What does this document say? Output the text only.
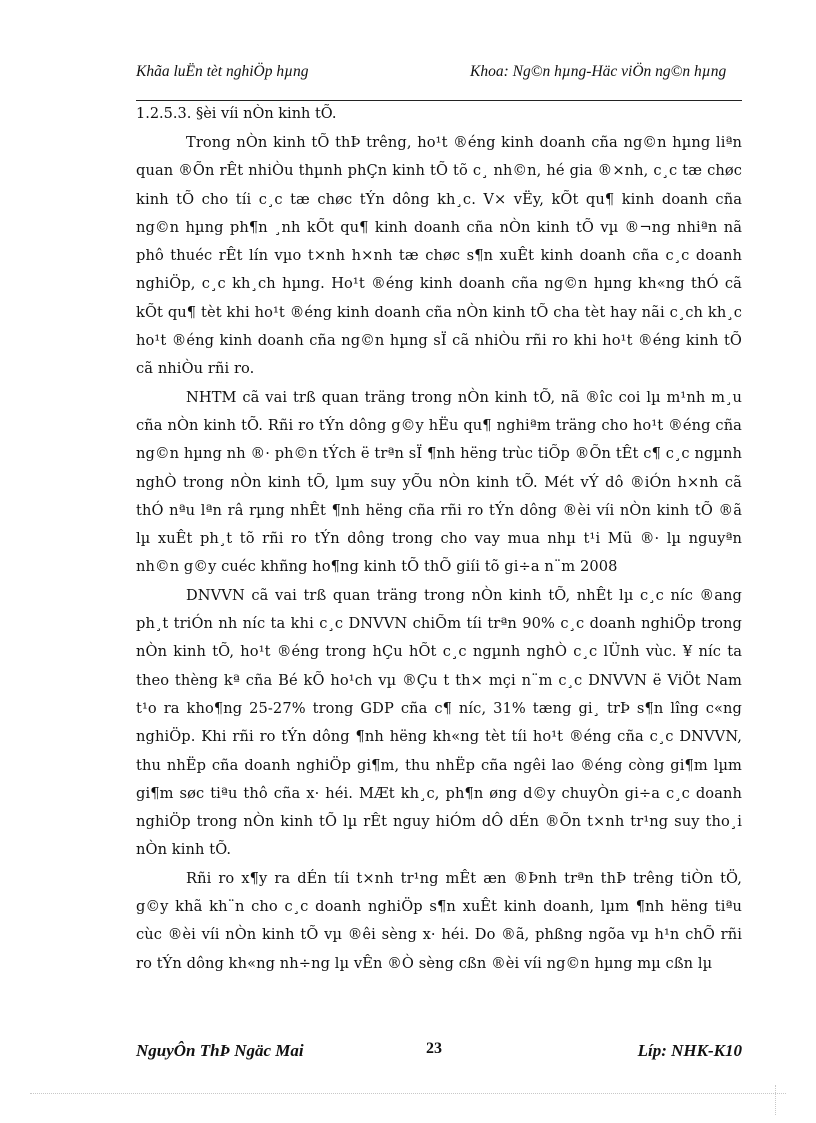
Khãa luËn tèt nghiÖp hµng	Khoa: Ng©n hµng-Häc viÖn ng©n hµng
1.2.5.3. §èi víi nÒn kinh tÕ.

Trong nÒn kinh tÕ thÞ trêng, ho¹t ®éng kinh doanh cña ng©n hµng liªn quan ®Õn rÊt nhiÒu thµnh phÇn kinh tÕ tõ c¸ nh©n, hé gia ®×nh, c¸c tæ chøc kinh tÕ cho tíi c¸c tæ chøc tÝn dông kh¸c. V× vËy, kÕt qu¶ kinh doanh cña ng©n hµng ph¶n ¸nh kÕt qu¶ kinh doanh cña nÒn kinh tÕ vµ ®¬ng nhiªn nã phô thuéc rÊt lín vµo t×nh h×nh tæ chøc s¶n xuÊt kinh doanh cña c¸c doanh nghiÖp, c¸c kh¸ch hµng. Ho¹t ®éng kinh doanh cña ng©n hµng kh«ng thÓ cã kÕt qu¶ tèt khi ho¹t ®éng kinh doanh cña nÒn kinh tÕ cha tèt hay nãi c¸ch kh¸c ho¹t ®éng kinh doanh cña ng©n hµng sÏ cã nhiÒu rñi ro khi ho¹t ®éng kinh tÕ cã nhiÒu rñi ro.

NHTM cã vai trß quan träng trong nÒn kinh tÕ, nã ®îc coi lµ m¹nh m¸u cña nÒn kinh tÕ. Rñi ro tÝn dông g©y hËu qu¶ nghiªm träng cho ho¹t ®éng cña ng©n hµng nh ®· ph©n tÝch ë trªn sÏ ¶nh hëng trùc tiÕp ®Õn tÊt c¶ c¸c ngµnh nghÒ trong nÒn kinh tÕ, lµm suy yÕu nÒn kinh tÕ. Mét vÝ dô ®iÓn h×nh cã thÓ nªu lªn râ rµng nhÊt ¶nh hëng cña rñi ro tÝn dông ®èi víi nÒn kinh tÕ ®ã lµ xuÊt ph¸t tõ rñi ro tÝn dông trong cho vay mua nhµ t¹i Mü ®· lµ nguyªn nh©n g©y cuéc khñng ho¶ng kinh tÕ thÕ giíi tõ gi÷a n¨m 2008

DNVVN cã vai trß quan träng trong nÒn kinh tÕ, nhÊt lµ c¸c níc ®ang ph¸t triÓn nh níc ta khi c¸c DNVVN chiÕm tíi trªn 90% c¸c doanh nghiÖp trong nÒn kinh tÕ, ho¹t ®éng trong hÇu hÕt c¸c ngµnh nghÒ c¸c lÜnh vùc. ¥ níc ta theo thèng kª cña Bé kÕ ho¹ch vµ ®Çu t th× mçi n¨m c¸c DNVVN ë ViÖt Nam t¹o ra kho¶ng 25-27% trong GDP cña c¶ níc, 31% tæng gi¸ trÞ s¶n lîng c«ng nghiÖp. Khi rñi ro tÝn dông ¶nh hëng kh«ng tèt tíi ho¹t ®éng cña c¸c DNVVN, thu nhËp cña doanh nghiÖp gi¶m, thu nhËp cña ngêi lao ®éng còng gi¶m lµm gi¶m søc tiªu thô cña x· héi. MÆt kh¸c, ph¶n øng d©y chuyÒn gi÷a c¸c doanh nghiÖp trong nÒn kinh tÕ lµ rÊt nguy hiÓm dÔ dÉn ®Õn t×nh tr¹ng suy tho¸i nÒn kinh tÕ.

Rñi ro x¶y ra dÉn tíi t×nh tr¹ng mÊt æn ®Þnh trªn thÞ trêng tiÒn tÖ, g©y khã kh¨n cho c¸c doanh nghiÖp s¶n xuÊt kinh doanh, lµm ¶nh hëng tiªu cùc ®èi víi nÒn kinh tÕ vµ ®êi sèng x· héi. Do ®ã, phßng ngõa vµ h¹n chÕ rñi ro tÝn dông kh«ng nh÷ng lµ vÊn ®Ò sèng cßn ®èi víi ng©n hµng mµ cßn lµ

NguyÔn ThÞ Ngäc Mai	23	Líp: NHK-K10
